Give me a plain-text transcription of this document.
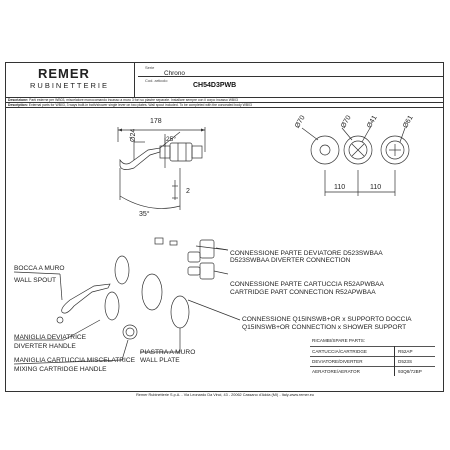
REMER
RUBINETTERIE
Serie
Chrono
Cod. articolo
CH54D3PWB
Descrizione: Parti esterne per WB03, miscelatore monocomando incasso a muro 3 fori su piastre separate. Installare sempre con il corpo incasso WB03
Description: External parts for WB03, 3 ways built-in bath/shower single lever on two plates. Wall spout included. To be completed with the concealed body WB03
178
25°
Ø24
2
35°
Ø70	Ø70 Ø41	Ø61
110	110
CONNESSIONE PARTE DEVIATORE D523SWBAA
D523SWBAA DIVERTER CONNECTION
CONNESSIONE PARTE CARTUCCIA R52APWBAA
CARTRIDGE PART CONNECTION R52APWBAA
CONNESSIONE Q15INSWB+OR x SUPPORTO DOCCIA
Q15INSWB+OR CONNECTION x SHOWER SUPPORT
BOCCA A MURO
WALL SPOUT
MANIGLIA DEVIATRICE
DIVERTER HANDLE
MANIGLIA CARTUCCIA MISCELATRICE
MIXING CARTRIDGE HANDLE
PIASTRA A MURO
WALL PLATE
RICAMBI/SPARE PARTS:
CARTUCCIA/CARTRIDGE	R52AP
DEVIATORE/DIVERTER	D523S
AERATORE/AERATOR	93Q8/72BP
Remer Rubinetterie S.p.A. - Via Leonardo Da Vinci, 43 - 20062 Cassano d'Adda (MI) - Italy-www.remer.eu
